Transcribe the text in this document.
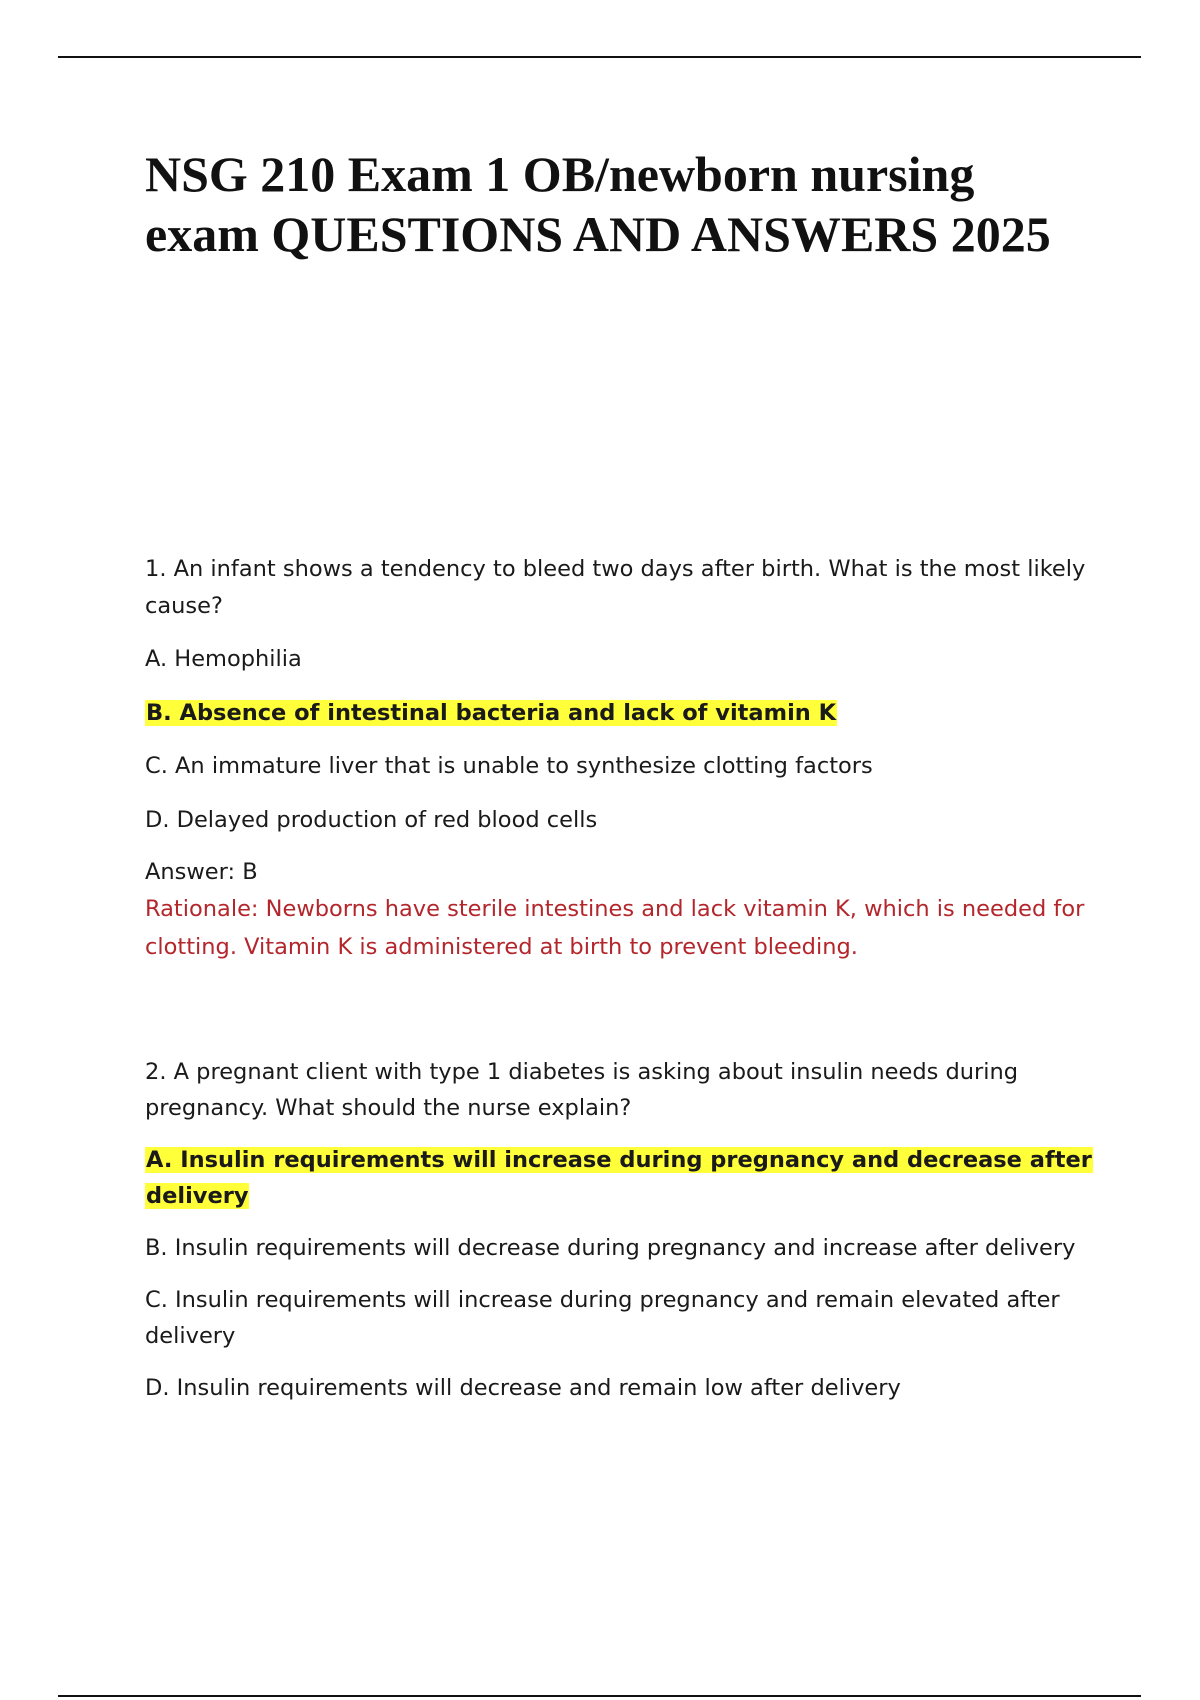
NSG 210 Exam 1 OB/newborn nursing exam QUESTIONS AND ANSWERS 2025

1. An infant shows a tendency to bleed two days after birth. What is the most likely cause?

A. Hemophilia

B. Absence of intestinal bacteria and lack of vitamin K

C. An immature liver that is unable to synthesize clotting factors

D. Delayed production of red blood cells

Answer: B

Rationale: Newborns have sterile intestines and lack vitamin K, which is needed for clotting. Vitamin K is administered at birth to prevent bleeding.

2. A pregnant client with type 1 diabetes is asking about insulin needs during pregnancy. What should the nurse explain?

A. Insulin requirements will increase during pregnancy and decrease after delivery

B. Insulin requirements will decrease during pregnancy and increase after delivery

C. Insulin requirements will increase during pregnancy and remain elevated after delivery

D. Insulin requirements will decrease and remain low after delivery
